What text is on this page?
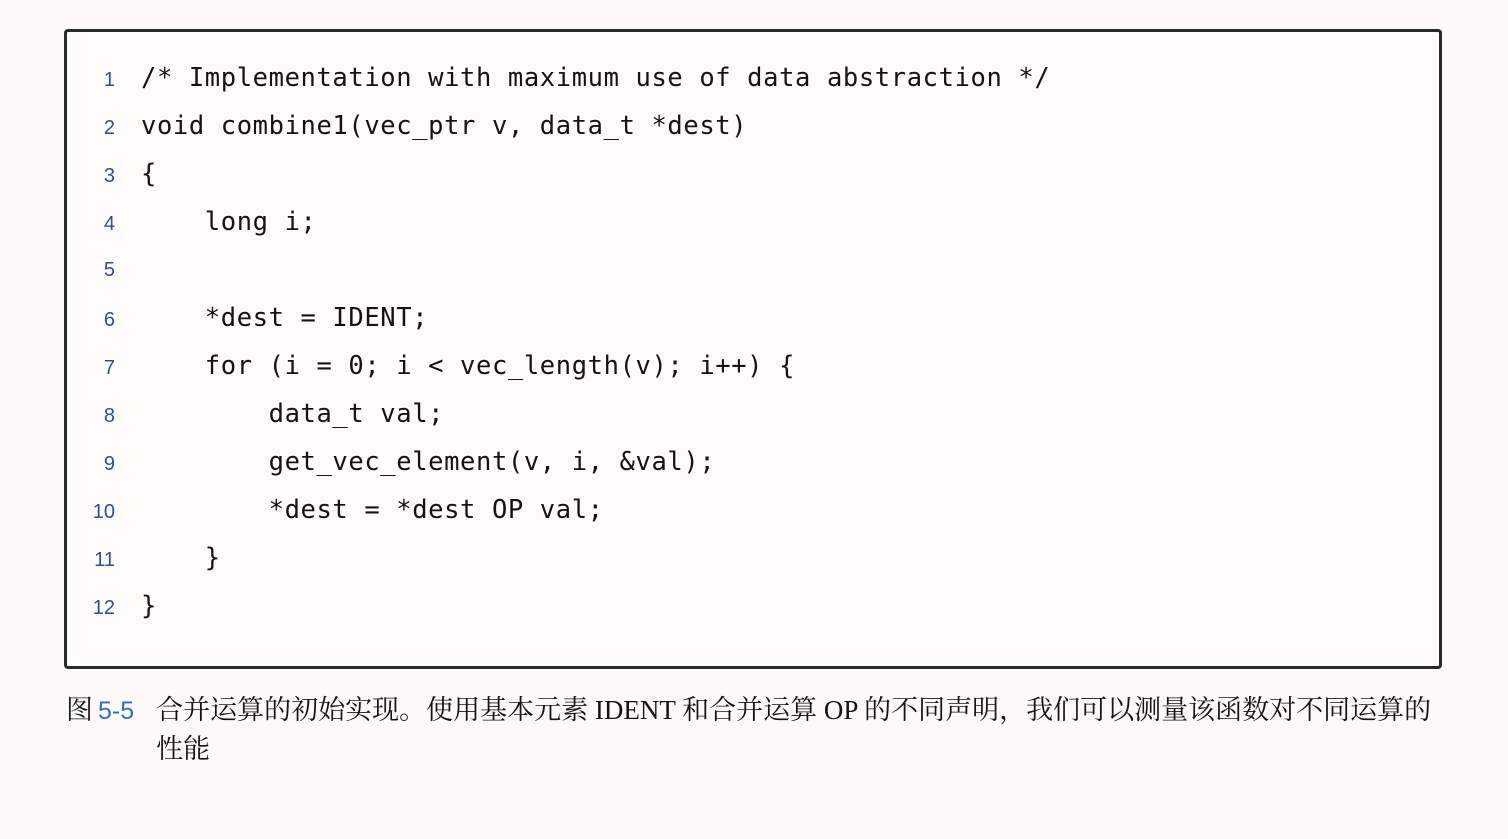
1	/* Implementation with maximum use of data abstraction */
2	void combine1(vec_ptr v, data_t *dest)
3	{
4	long i;
5
6	*dest = IDENT;
7	for (i = 0; i < vec_length(v); i++) {
8	data_t val;
9	get_vec_element(v, i, &val);
10	*dest = *dest OP val;
11	}
12	}
图 5-5 合并运算的初始实现。使用基本元素 IDENT 和合并运算 OP 的不同声明，我们可以测量该函数对不同运算的性能
